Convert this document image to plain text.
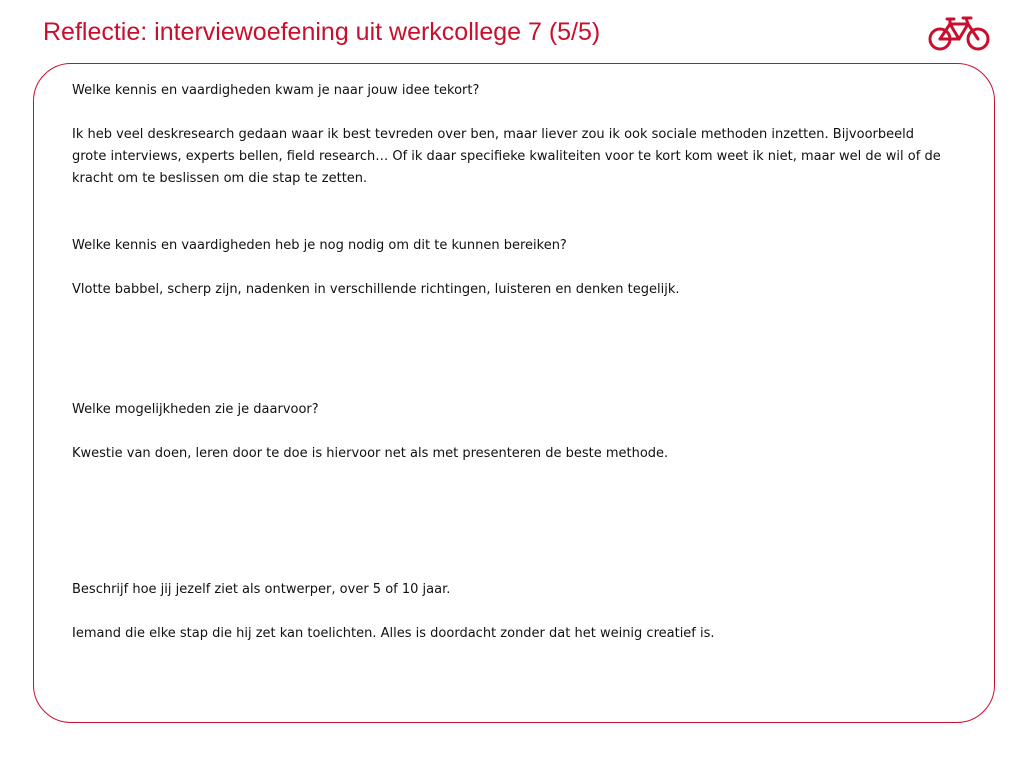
Reflectie: interviewoefening uit werkcollege 7 (5/5)

Welke kennis en vaardigheden kwam je naar jouw idee tekort?

Ik heb veel deskresearch gedaan waar ik best tevreden over ben, maar liever zou ik ook sociale methoden inzetten. Bijvoorbeeld grote interviews, experts bellen, field research… Of ik daar specifieke kwaliteiten voor te kort kom weet ik niet, maar wel de wil of de kracht om te beslissen om die stap te zetten.

Welke kennis en vaardigheden heb je nog nodig om dit te kunnen bereiken?

Vlotte babbel, scherp zijn, nadenken in verschillende richtingen, luisteren en denken tegelijk.

Welke mogelijkheden zie je daarvoor?

Kwestie van doen, leren door te doe is hiervoor net als met presenteren de beste methode.

Beschrijf hoe jij jezelf ziet als ontwerper, over 5 of 10 jaar.

Iemand die elke stap die hij zet kan toelichten. Alles is doordacht zonder dat het weinig creatief is.
